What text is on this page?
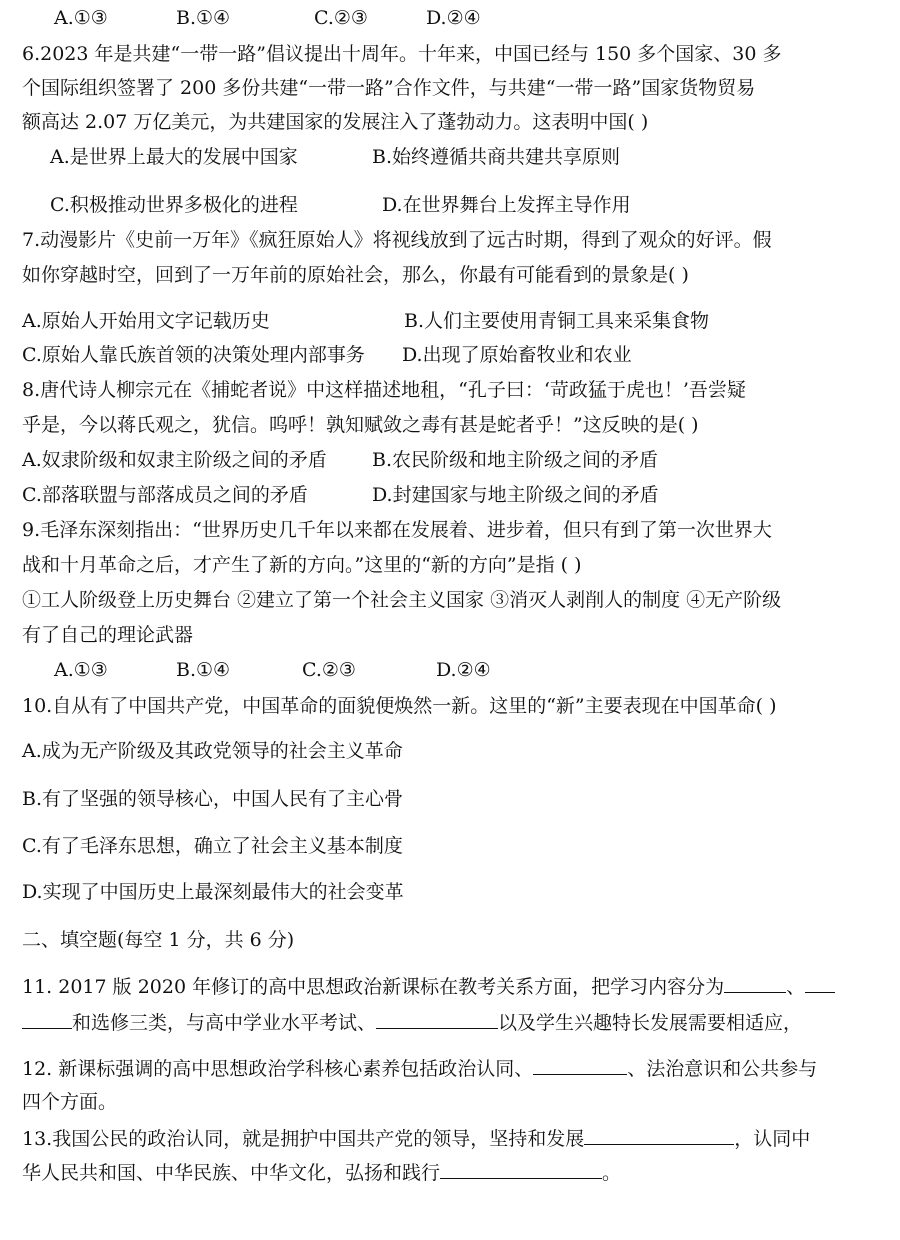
A.①③	B.①④	C.②③	D.②④
6.2023 年是共建“一带一路”倡议提出十周年。十年来，中国已经与 150 多个国家、30 多
个国际组织签署了 200 多份共建“一带一路”合作文件，与共建“一带一路”国家货物贸易
额高达 2.07 万亿美元，为共建国家的发展注入了蓬勃动力。这表明中国( )
A.是世界上最大的发展中国家	B.始终遵循共商共建共享原则
C.积极推动世界多极化的进程	D.在世界舞台上发挥主导作用
7.动漫影片《史前一万年》《疯狂原始人》将视线放到了远古时期，得到了观众的好评。假
如你穿越时空，回到了一万年前的原始社会，那么，你最有可能看到的景象是( )
A.原始人开始用文字记载历史	B.人们主要使用青铜工具来采集食物
C.原始人靠氏族首领的决策处理内部事务 D.出现了原始畜牧业和农业
8.唐代诗人柳宗元在《捕蛇者说》中这样描述地租，“孔子曰：‘苛政猛于虎也！’吾尝疑
乎是，今以蒋氏观之，犹信。呜呼！孰知赋敛之毒有甚是蛇者乎！”这反映的是( )
A.奴隶阶级和奴隶主阶级之间的矛盾 B.农民阶级和地主阶级之间的矛盾
C.部落联盟与部落成员之间的矛盾	D.封建国家与地主阶级之间的矛盾
9.毛泽东深刻指出：“世界历史几千年以来都在发展着、进步着，但只有到了第一次世界大
战和十月革命之后，才产生了新的方向。”这里的“新的方向”是指 ( )
①工人阶级登上历史舞台 ②建立了第一个社会主义国家 ③消灭人剥削人的制度 ④无产阶级
有了自己的理论武器
A.①③	B.①④	C.②③	D.②④
10.自从有了中国共产党，中国革命的面貌便焕然一新。这里的“新”主要表现在中国革命( )
A.成为无产阶级及其政党领导的社会主义革命
B.有了坚强的领导核心，中国人民有了主心骨
C.有了毛泽东思想，确立了社会主义基本制度
D.实现了中国历史上最深刻最伟大的社会变革
二、填空题(每空 1 分，共 6 分)
11. 2017 版 2020 年修订的高中思想政治新课标在教考关系方面，把学习内容分为	、
和选修三类，与高中学业水平考试、	以及学生兴趣特长发展需要相适应，
12. 新课标强调的高中思想政治学科核心素养包括政治认同、	、法治意识和公共参与
四个方面。
13.我国公民的政治认同，就是拥护中国共产党的领导，坚持和发展	，认同中
华人民共和国、中华民族、中华文化，弘扬和践行	。
